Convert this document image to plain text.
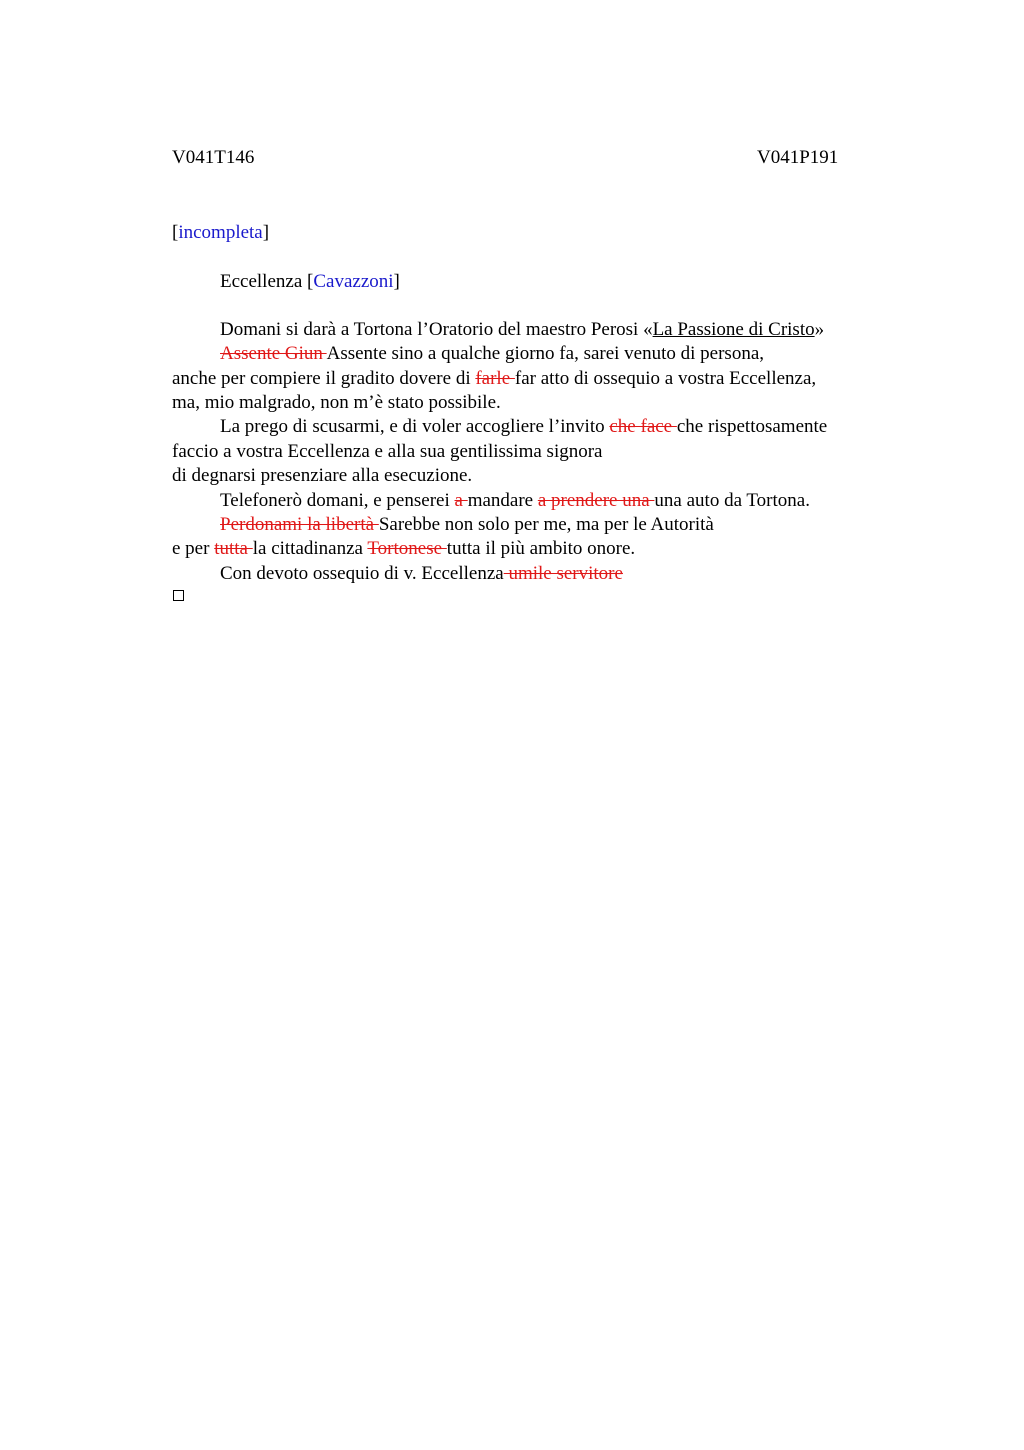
V041T146	V041P191
[incompleta]
Eccellenza [Cavazzoni]
Domani si darà a Tortona l’Oratorio del maestro Perosi «La Passione di Cristo»
Assente Giun Assente sino a qualche giorno fa, sarei venuto di persona,
anche per compiere il gradito dovere di farle far atto di ossequio a vostra Eccellenza,
ma, mio malgrado, non m’è stato possibile.
La prego di scusarmi, e di voler accogliere l’invito che face che rispettosamente
faccio a vostra Eccellenza e alla sua gentilissima signora
di degnarsi presenziare alla esecuzione.
Telefonerò domani, e penserei a mandare a prendere una una auto da Tortona.
Perdonami la libertà Sarebbe non solo per me, ma per le Autorità
e per tutta la cittadinanza Tortonese tutta il più ambito onore.
Con devoto ossequio di v. Eccellenza umile servitore
